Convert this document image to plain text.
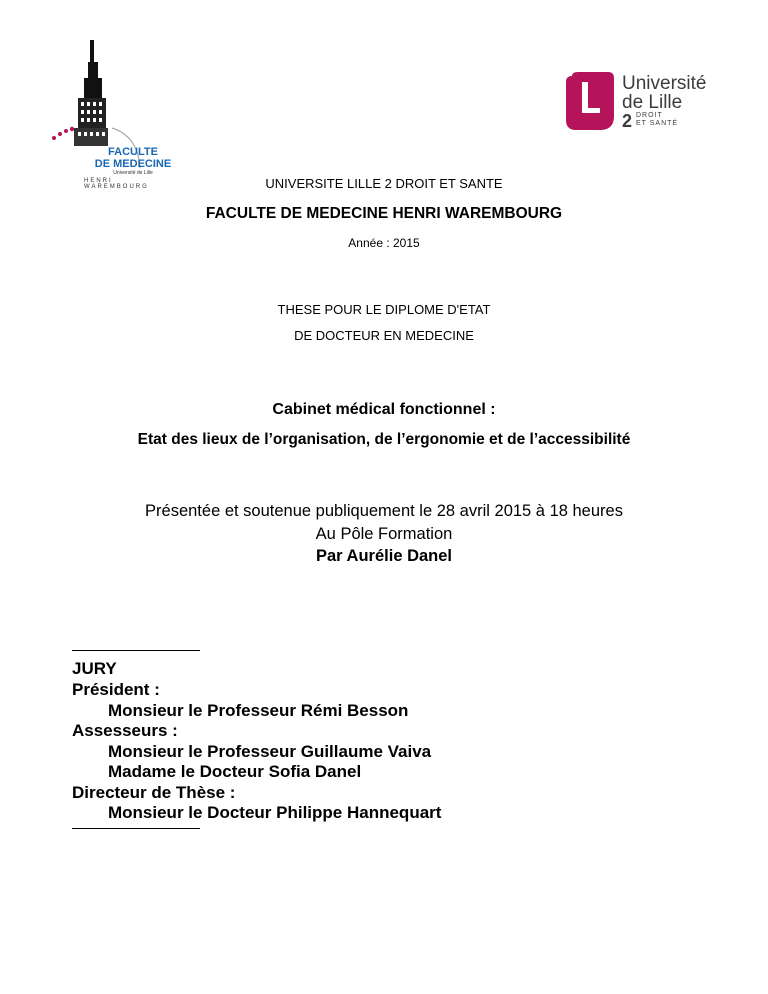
FACULTE
DE MEDECINE
Université de Lille
HENRI WAREMBOURG
Université
de Lille
2 DROIT
ET SANTÉ
UNIVERSITE LILLE 2 DROIT ET SANTE
FACULTE DE MEDECINE HENRI WAREMBOURG
Année : 2015
THESE POUR LE DIPLOME D'ETAT
DE DOCTEUR EN MEDECINE
Cabinet médical fonctionnel :
Etat des lieux de l’organisation, de l’ergonomie et de l’accessibilité
Présentée et soutenue publiquement le 28 avril 2015 à 18 heures
Au Pôle Formation
Par Aurélie Danel
JURY
Président :
Monsieur le Professeur Rémi Besson
Assesseurs :
Monsieur le Professeur Guillaume Vaiva
Madame le Docteur Sofia Danel
Directeur de Thèse :
Monsieur le Docteur Philippe Hannequart
